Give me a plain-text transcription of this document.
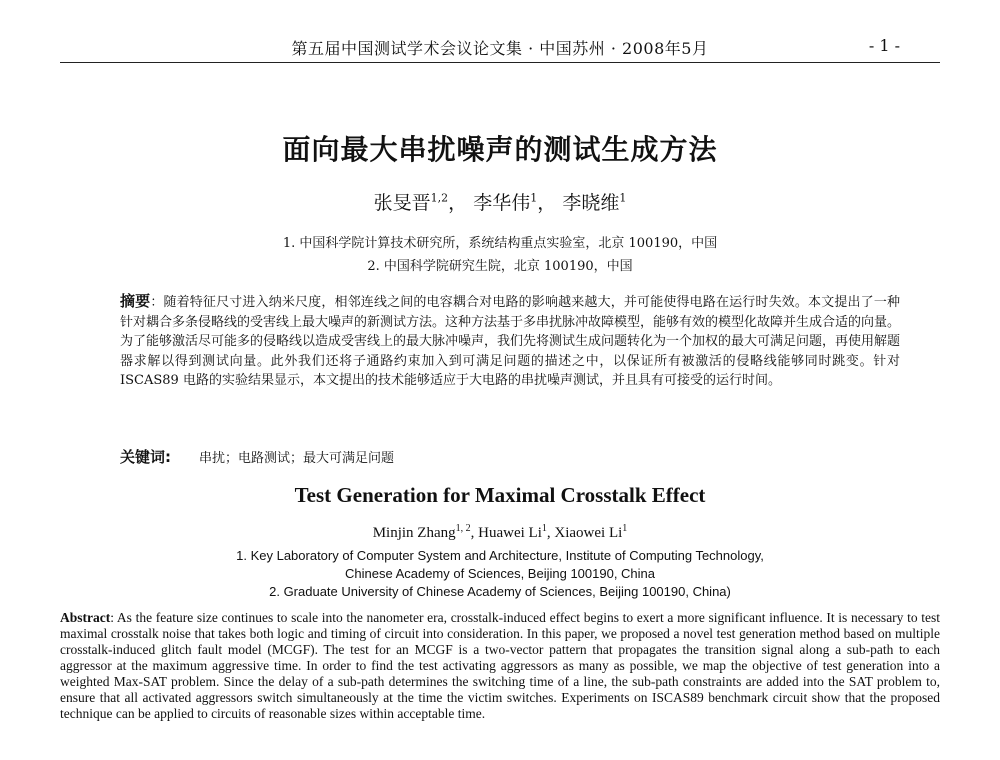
第五届中国测试学术会议论文集 · 中国苏州 · 2008年5月	- 1 -
面向最大串扰噪声的测试生成方法
张旻晋$^{1,2}$， 李华伟$^1$， 李晓维$^1$
1. 中国科学院计算技术研究所，系统结构重点实验室，北京 100190，中国
2. 中国科学院研究生院，北京 100190，中国
摘要：随着特征尺寸进入纳米尺度，相邻连线之间的电容耦合对电路的影响越来越大，并可能使得电路在运行时失效。本文提出了一种针对耦合多条侵略线的受害线上最大噪声的新测试方法。这种方法基于多串扰脉冲故障模型，能够有效的模型化故障并生成合适的向量。为了能够激活尽可能多的侵略线以造成受害线上的最大脉冲噪声，我们先将测试生成问题转化为一个加权的最大可满足问题，再使用解题器求解以得到测试向量。此外我们还将子通路约束加入到可满足问题的描述之中，以保证所有被激活的侵略线能够同时跳变。针对 ISCAS89 电路的实验结果显示，本文提出的技术能够适应于大电路的串扰噪声测试，并且具有可接受的运行时间。
关键词: 串扰；电路测试；最大可满足问题
Test Generation for Maximal Crosstalk Effect
Minjin Zhang$^{1, 2}$, Huawei Li$^1$, Xiaowei Li$^1$
1. Key Laboratory of Computer System and Architecture, Institute of Computing Technology,
Chinese Academy of Sciences, Beijing 100190, China
2. Graduate University of Chinese Academy of Sciences, Beijing 100190, China)
Abstract: As the feature size continues to scale into the nanometer era, crosstalk-induced effect begins to exert a more significant influence. It is necessary to test maximal crosstalk noise that takes both logic and timing of circuit into consideration. In this paper, we proposed a novel test generation method based on multiple crosstalk-induced glitch fault model (MCGF). The test for an MCGF is a two-vector pattern that propagates the transition signal along a sub-path to each aggressor at the maximum aggressive time. In order to find the test activating aggressors as many as possible, we map the objective of test generation into a weighted Max-SAT problem. Since the delay of a sub-path determines the switching time of a line, the sub-path constraints are added into the SAT problem to, ensure that all activated aggressors switch simultaneously at the time the victim switches. Experiments on ISCAS89 benchmark circuit show that the proposed technique can be applied to circuits of reasonable sizes within acceptable time.
